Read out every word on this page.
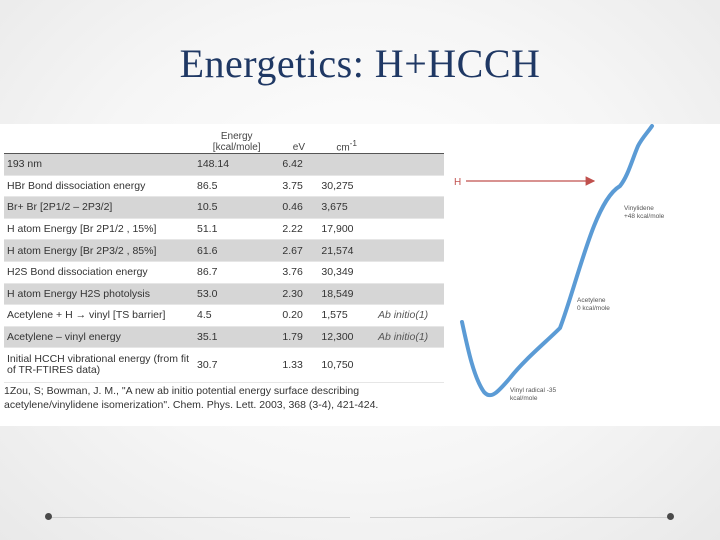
Energetics: H+HCCH
	Energy
[kcal/mole]	eV	$cm^{-1}$	
193 nm	148.14	6.42		
HBr Bond dissociation energy	86.5	3.75	30,275	
Br+ Br [2P1/2 – 2P3/2]	10.5	0.46	3,675	
H atom Energy [Br 2P1/2 , 15%]	51.1	2.22	17,900	
H atom Energy [Br 2P3/2 , 85%]	61.6	2.67	21,574	
H2S Bond dissociation energy	86.7	3.76	30,349	
H atom Energy H2S photolysis	53.0	2.30	18,549	
Acetylene + H → vinyl [TS barrier]	4.5	0.20	1,575	Ab initio(1)
Acetylene – vinyl energy	35.1	1.79	12,300	Ab initio(1)
Initial HCCH vibrational energy (from fit of TR-FTIRES data)	30.7	1.33	10,750	
1Zou, S; Bowman, J. M., "A new ab initio potential energy surface describing
acetylene/vinylidene isomerization". Chem. Phys. Lett. 2003, 368 (3-4), 421-424.
H
Vinylidene
+48 kcal/mole
Acetylene
0 kcal/mole
Vinyl radical -35
kcal/mole
